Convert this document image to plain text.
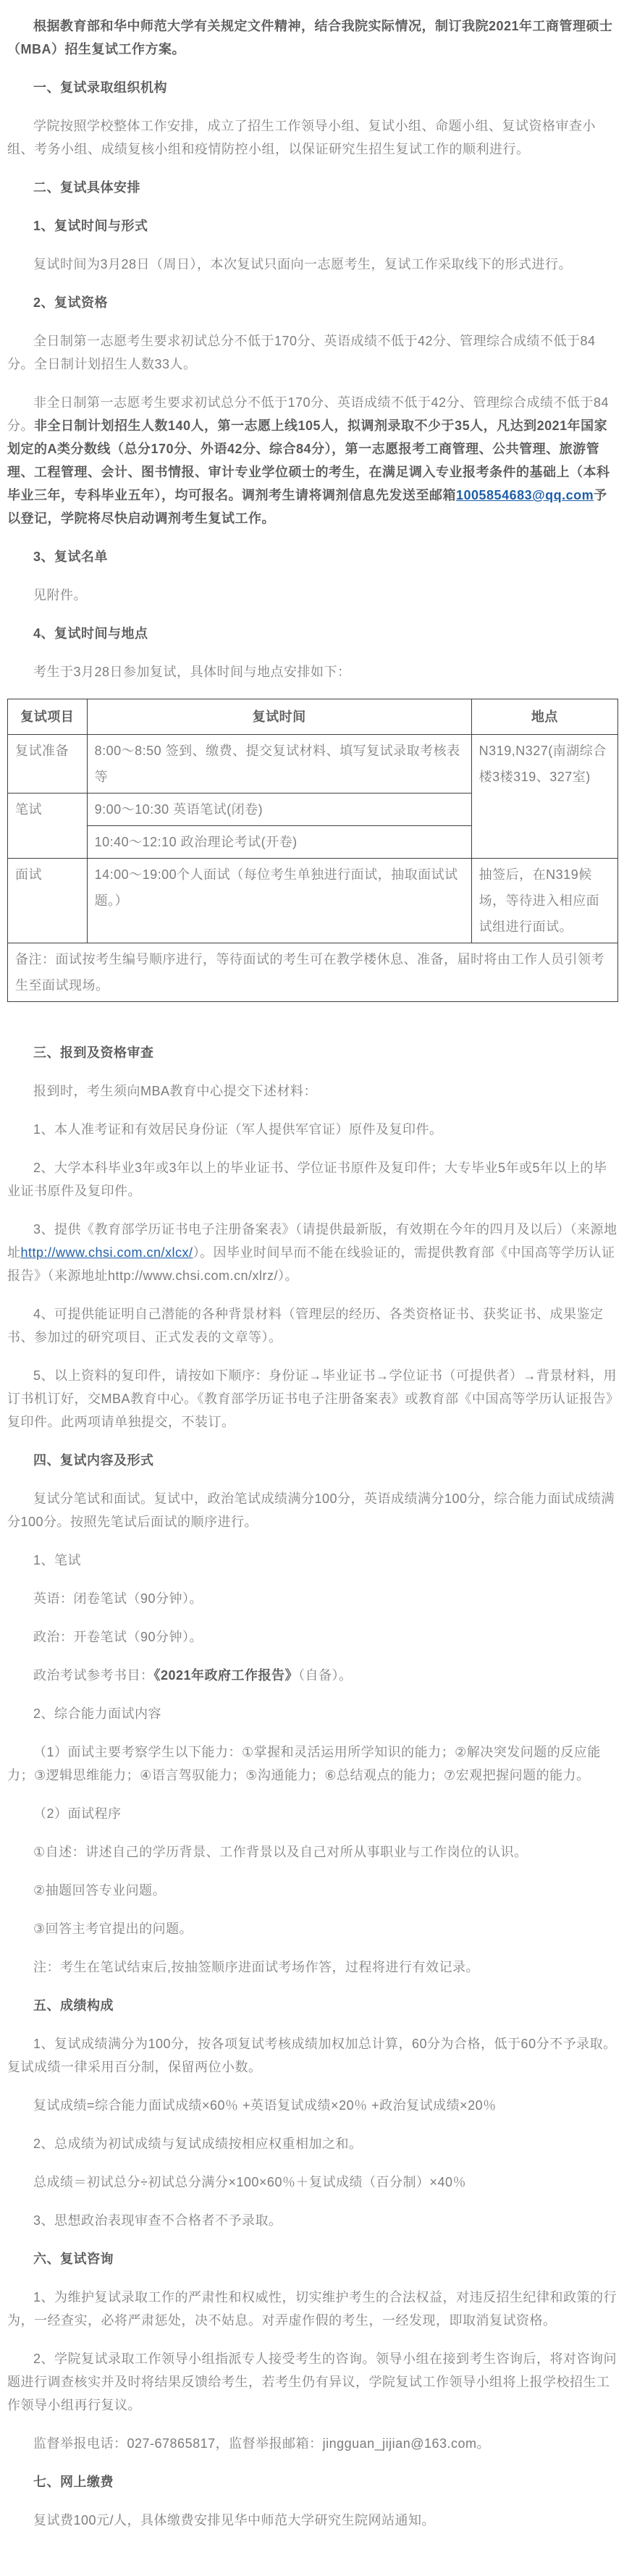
根据教育部和华中师范大学有关规定文件精神，结合我院实际情况，制订我院2021年工商管理硕士（MBA）招生复试工作方案。

一、复试录取组织机构

学院按照学校整体工作安排，成立了招生工作领导小组、复试小组、命题小组、复试资格审查小组、考务小组、成绩复核小组和疫情防控小组，以保证研究生招生复试工作的顺利进行。

二、复试具体安排
1、复试时间与形式

复试时间为3月28日（周日），本次复试只面向一志愿考生，复试工作采取线下的形式进行。

2、复试资格

全日制第一志愿考生要求初试总分不低于170分、英语成绩不低于42分、管理综合成绩不低于84分。全日制计划招生人数33人。

非全日制第一志愿考生要求初试总分不低于170分、英语成绩不低于42分、管理综合成绩不低于84分。非全日制计划招生人数140人，第一志愿上线105人，拟调剂录取不少于35人，凡达到2021年国家划定的A类分数线（总分170分、外语42分、综合84分），第一志愿报考工商管理、公共管理、旅游管理、工程管理、会计、图书情报、审计专业学位硕士的考生，在满足调入专业报考条件的基础上（本科毕业三年，专科毕业五年），均可报名。调剂考生请将调剂信息先发送至邮箱1005854683@qq.com予以登记，学院将尽快启动调剂考生复试工作。

3、复试名单

见附件。

4、复试时间与地点

考生于3月28日参加复试，具体时间与地点安排如下：

复试项目	复试时间	地点
复试准备	8:00～8:50 签到、缴费、提交复试材料、填写复试录取考核表等	N319,N327(南湖综合楼3楼319、327室)
笔试	9:00～10:30 英语笔试(闭卷)	
	10:40～12:10 政治理论考试(开卷)	
面试	14:00～19:00个人面试（每位考生单独进行面试，抽取面试试题。）	抽签后，在N319候场，等待进入相应面试组进行面试。
备注：面试按考生编号顺序进行，等待面试的考生可在教学楼休息、准备，届时将由工作人员引领考生至面试现场。		
三、报到及资格审查

报到时，考生须向MBA教育中心提交下述材料：

1、本人准考证和有效居民身份证（军人提供军官证）原件及复印件。

2、大学本科毕业3年或3年以上的毕业证书、学位证书原件及复印件；大专毕业5年或5年以上的毕业证书原件及复印件。

3、提供《教育部学历证书电子注册备案表》（请提供最新版，有效期在今年的四月及以后）（来源地址http://www.chsi.com.cn/xlcx/）。因毕业时间早而不能在线验证的，需提供教育部《中国高等学历认证报告》（来源地址http://www.chsi.com.cn/xlrz/）。

4、可提供能证明自己潜能的各种背景材料（管理层的经历、各类资格证书、获奖证书、成果鉴定书、参加过的研究项目、正式发表的文章等）。

5、以上资料的复印件，请按如下顺序：身份证→毕业证书→学位证书（可提供者）→背景材料，用订书机订好，交MBA教育中心。《教育部学历证书电子注册备案表》或教育部《中国高等学历认证报告》复印件。此两项请单独提交，不装订。

四、复试内容及形式

复试分笔试和面试。复试中，政治笔试成绩满分100分，英语成绩满分100分，综合能力面试成绩满分100分。按照先笔试后面试的顺序进行。

1、笔试

英语：闭卷笔试（90分钟）。

政治：开卷笔试（90分钟）。

政治考试参考书目：《2021年政府工作报告》（自备）。

2、综合能力面试内容

（1）面试主要考察学生以下能力：①掌握和灵活运用所学知识的能力；②解决突发问题的反应能力；③逻辑思维能力；④语言驾驭能力；⑤沟通能力；⑥总结观点的能力；⑦宏观把握问题的能力。

（2）面试程序

①自述：讲述自己的学历背景、工作背景以及自己对所从事职业与工作岗位的认识。

②抽题回答专业问题。

③回答主考官提出的问题。

注：考生在笔试结束后,按抽签顺序进面试考场作答，过程将进行有效记录。

五、成绩构成

1、复试成绩满分为100分，按各项复试考核成绩加权加总计算，60分为合格，低于60分不予录取。复试成绩一律采用百分制，保留两位小数。

复试成绩=综合能力面试成绩×60％ +英语复试成绩×20％ +政治复试成绩×20％

2、总成绩为初试成绩与复试成绩按相应权重相加之和。

总成绩＝初试总分÷初试总分满分×100×60％＋复试成绩（百分制）×40％

3、思想政治表现审查不合格者不予录取。

六、复试咨询

1、为维护复试录取工作的严肃性和权威性，切实维护考生的合法权益，对违反招生纪律和政策的行为，一经查实，必将严肃惩处，决不姑息。对弄虚作假的考生，一经发现，即取消复试资格。

2、学院复试录取工作领导小组指派专人接受考生的咨询。领导小组在接到考生咨询后，将对咨询问题进行调查核实并及时将结果反馈给考生，若考生仍有异议，学院复试工作领导小组将上报学校招生工作领导小组再行复议。

监督举报电话：027-67865817，监督举报邮箱：jingguan_jijian@163.com。

七、网上缴费

复试费100元/人，具体缴费安排见华中师范大学研究生院网站通知。
